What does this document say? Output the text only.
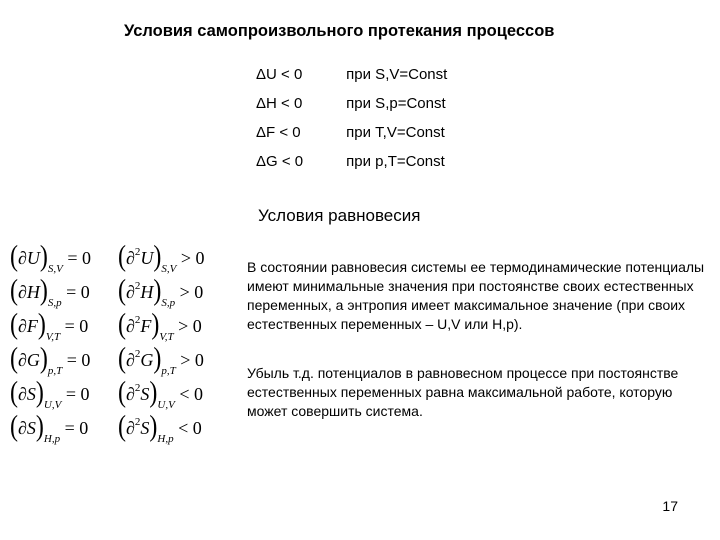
Условия самопроизвольного протекания процессов
ΔU < 0	при S,V=Const
ΔH < 0	при S,p=Const
ΔF < 0	при T,V=Const
ΔG < 0	при p,T=Const
Условия равновесия
$(\partial U)_{S,V} = 0$ $(\partial^2U)_{S,V} > 0$
$(\partial H)_{S,p} = 0$ $(\partial^2H)_{S,p} > 0$
$(\partial F)_{V,T} = 0$ $(\partial^2F)_{V,T} > 0$
$(\partial G)_{p,T} = 0$ $(\partial^2G)_{p,T} > 0$
$(\partial S)_{U,V} = 0$ $(\partial^2S)_{U,V} < 0$
$(\partial S)_{H,p} = 0$ $(\partial^2S)_{H,p} < 0$
В состоянии равновесия системы ее термодинамические потенциалы имеют минимальные значения при постоянстве своих естественных переменных, а энтропия имеет максимальное значение (при своих естественных переменных – U,V или H,p).
Убыль т.д. потенциалов в равновесном процессе при постоянстве естественных переменных равна максимальной работе, которую может совершить система.
17
